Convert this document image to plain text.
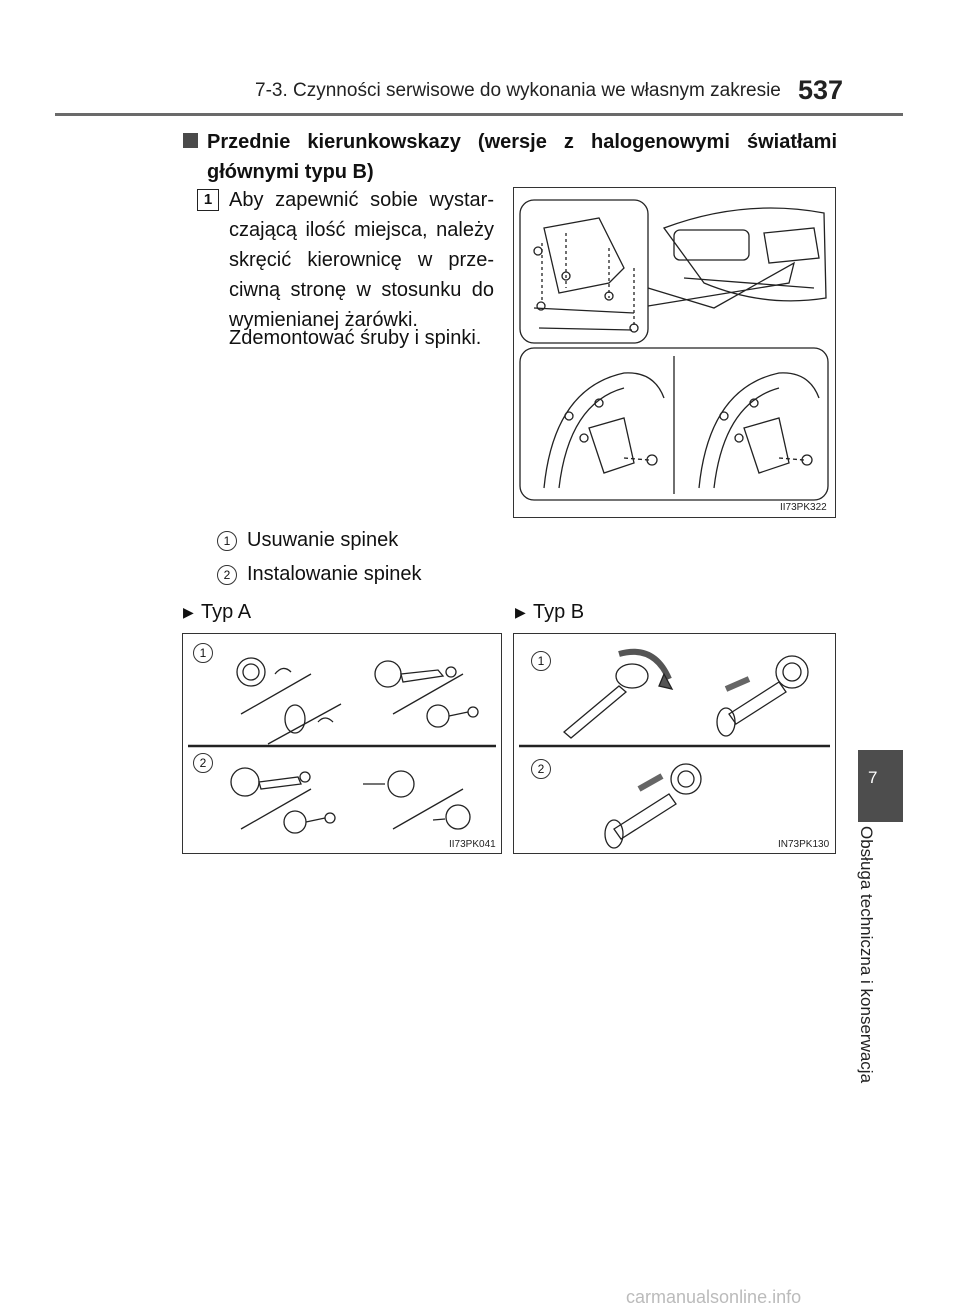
7-3. Czynności serwisowe do wykonania we własnym zakresie 537
7
Obsługa techniczna i konserwacja
Przednie kierunkowskazy (wersje z halogenowymi światłami głównymi typu B)
1 Aby zapewnić sobie wystar-czającą ilość miejsca, należy skręcić kierownicę w prze-ciwną stronę w stosunku do wymienianej żarówki.
Zdemontować śruby i spinki.
II73PK322
1 Usuwanie spinek
2 Instalowanie spinek
▶ Typ A	▶ Typ B
1
2
II73PK041
1
2
IN73PK130
carmanualsonline.info
